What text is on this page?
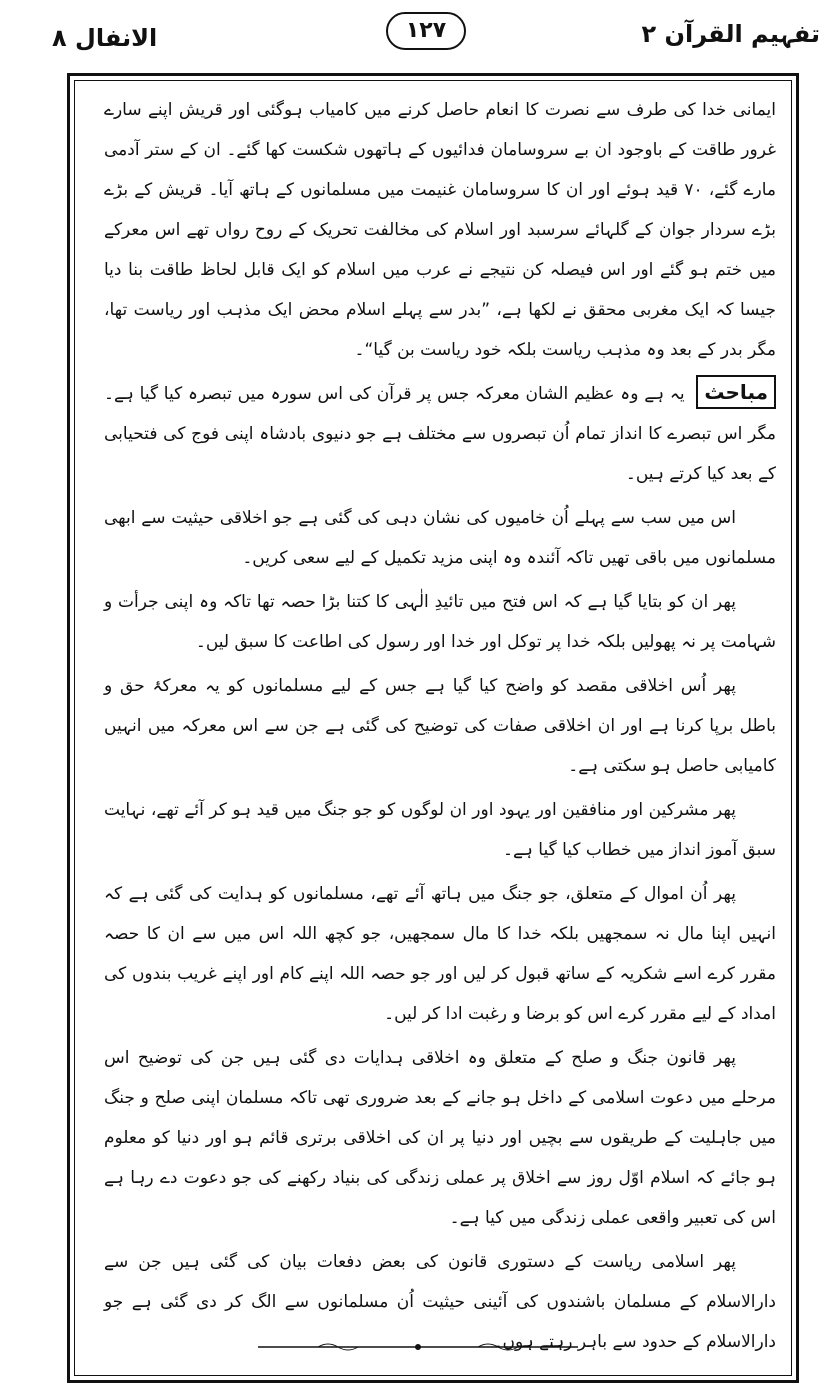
الانفال ٨	١٢٧	تفہیم القرآن ٢

ایمانی خدا کی طرف سے نصرت کا انعام حاصل کرنے میں کامیاب ہوگئی اور قریش اپنے سارے غرور طاقت کے باوجود ان بے سروسامان فدائیوں کے ہاتھوں شکست کھا گئے۔ ان کے ستر آدمی مارے گئے، ۷۰ قید ہوئے اور ان کا سروسامان غنیمت میں مسلمانوں کے ہاتھ آیا۔ قریش کے بڑے بڑے سردار جوان کے گلہائے سرسبد اور اسلام کی مخالفت تحریک کے روح رواں تھے اس معرکے میں ختم ہو گئے اور اس فیصلہ کن نتیجے نے عرب میں اسلام کو ایک قابل لحاظ طاقت بنا دیا جیسا کہ ایک مغربی محقق نے لکھا ہے، ”بدر سے پہلے اسلام محض ایک مذہب اور ریاست تھا، مگر بدر کے بعد وہ مذہب ریاست بلکہ خود ریاست بن گیا“۔

مباحث یہ ہے وہ عظیم الشان معرکہ جس پر قرآن کی اس سورہ میں تبصرہ کیا گیا ہے۔ مگر اس تبصرے کا انداز تمام اُن تبصروں سے مختلف ہے جو دنیوی بادشاہ اپنی فوج کی فتحیابی کے بعد کیا کرتے ہیں۔

اس میں سب سے پہلے اُن خامیوں کی نشان دہی کی گئی ہے جو اخلاقی حیثیت سے ابھی مسلمانوں میں باقی تھیں تاکہ آئندہ وہ اپنی مزید تکمیل کے لیے سعی کریں۔

پھر ان کو بتایا گیا ہے کہ اس فتح میں تائیدِ الٰہی کا کتنا بڑا حصہ تھا تاکہ وہ اپنی جرأت و شہامت پر نہ پھولیں بلکہ خدا پر توکل اور خدا اور رسول کی اطاعت کا سبق لیں۔

پھر اُس اخلاقی مقصد کو واضح کیا گیا ہے جس کے لیے مسلمانوں کو یہ معرکۂ حق و باطل برپا کرنا ہے اور ان اخلاقی صفات کی توضیح کی گئی ہے جن سے اس معرکہ میں انہیں کامیابی حاصل ہو سکتی ہے۔

پھر مشرکین اور منافقین اور یہود اور ان لوگوں کو جو جنگ میں قید ہو کر آئے تھے، نہایت سبق آموز انداز میں خطاب کیا گیا ہے۔

پھر اُن اموال کے متعلق، جو جنگ میں ہاتھ آئے تھے، مسلمانوں کو ہدایت کی گئی ہے کہ انہیں اپنا مال نہ سمجھیں بلکہ خدا کا مال سمجھیں، جو کچھ اللہ اس میں سے ان کا حصہ مقرر کرے اسے شکریہ کے ساتھ قبول کر لیں اور جو حصہ اللہ اپنے کام اور اپنے غریب بندوں کی امداد کے لیے مقرر کرے اس کو برضا و رغبت ادا کر لیں۔

پھر قانون جنگ و صلح کے متعلق وہ اخلاقی ہدایات دی گئی ہیں جن کی توضیح اس مرحلے میں دعوت اسلامی کے داخل ہو جانے کے بعد ضروری تھی تاکہ مسلمان اپنی صلح و جنگ میں جاہلیت کے طریقوں سے بچیں اور دنیا پر ان کی اخلاقی برتری قائم ہو اور دنیا کو معلوم ہو جائے کہ اسلام اوّل روز سے اخلاق پر عملی زندگی کی بنیاد رکھنے کی جو دعوت دے رہا ہے اس کی تعبیر واقعی عملی زندگی میں کیا ہے۔

پھر اسلامی ریاست کے دستوری قانون کی بعض دفعات بیان کی گئی ہیں جن سے دارالاسلام کے مسلمان باشندوں کی آئینی حیثیت اُن مسلمانوں سے الگ کر دی گئی ہے جو دارالاسلام کے حدود سے باہر رہتے ہوں۔
